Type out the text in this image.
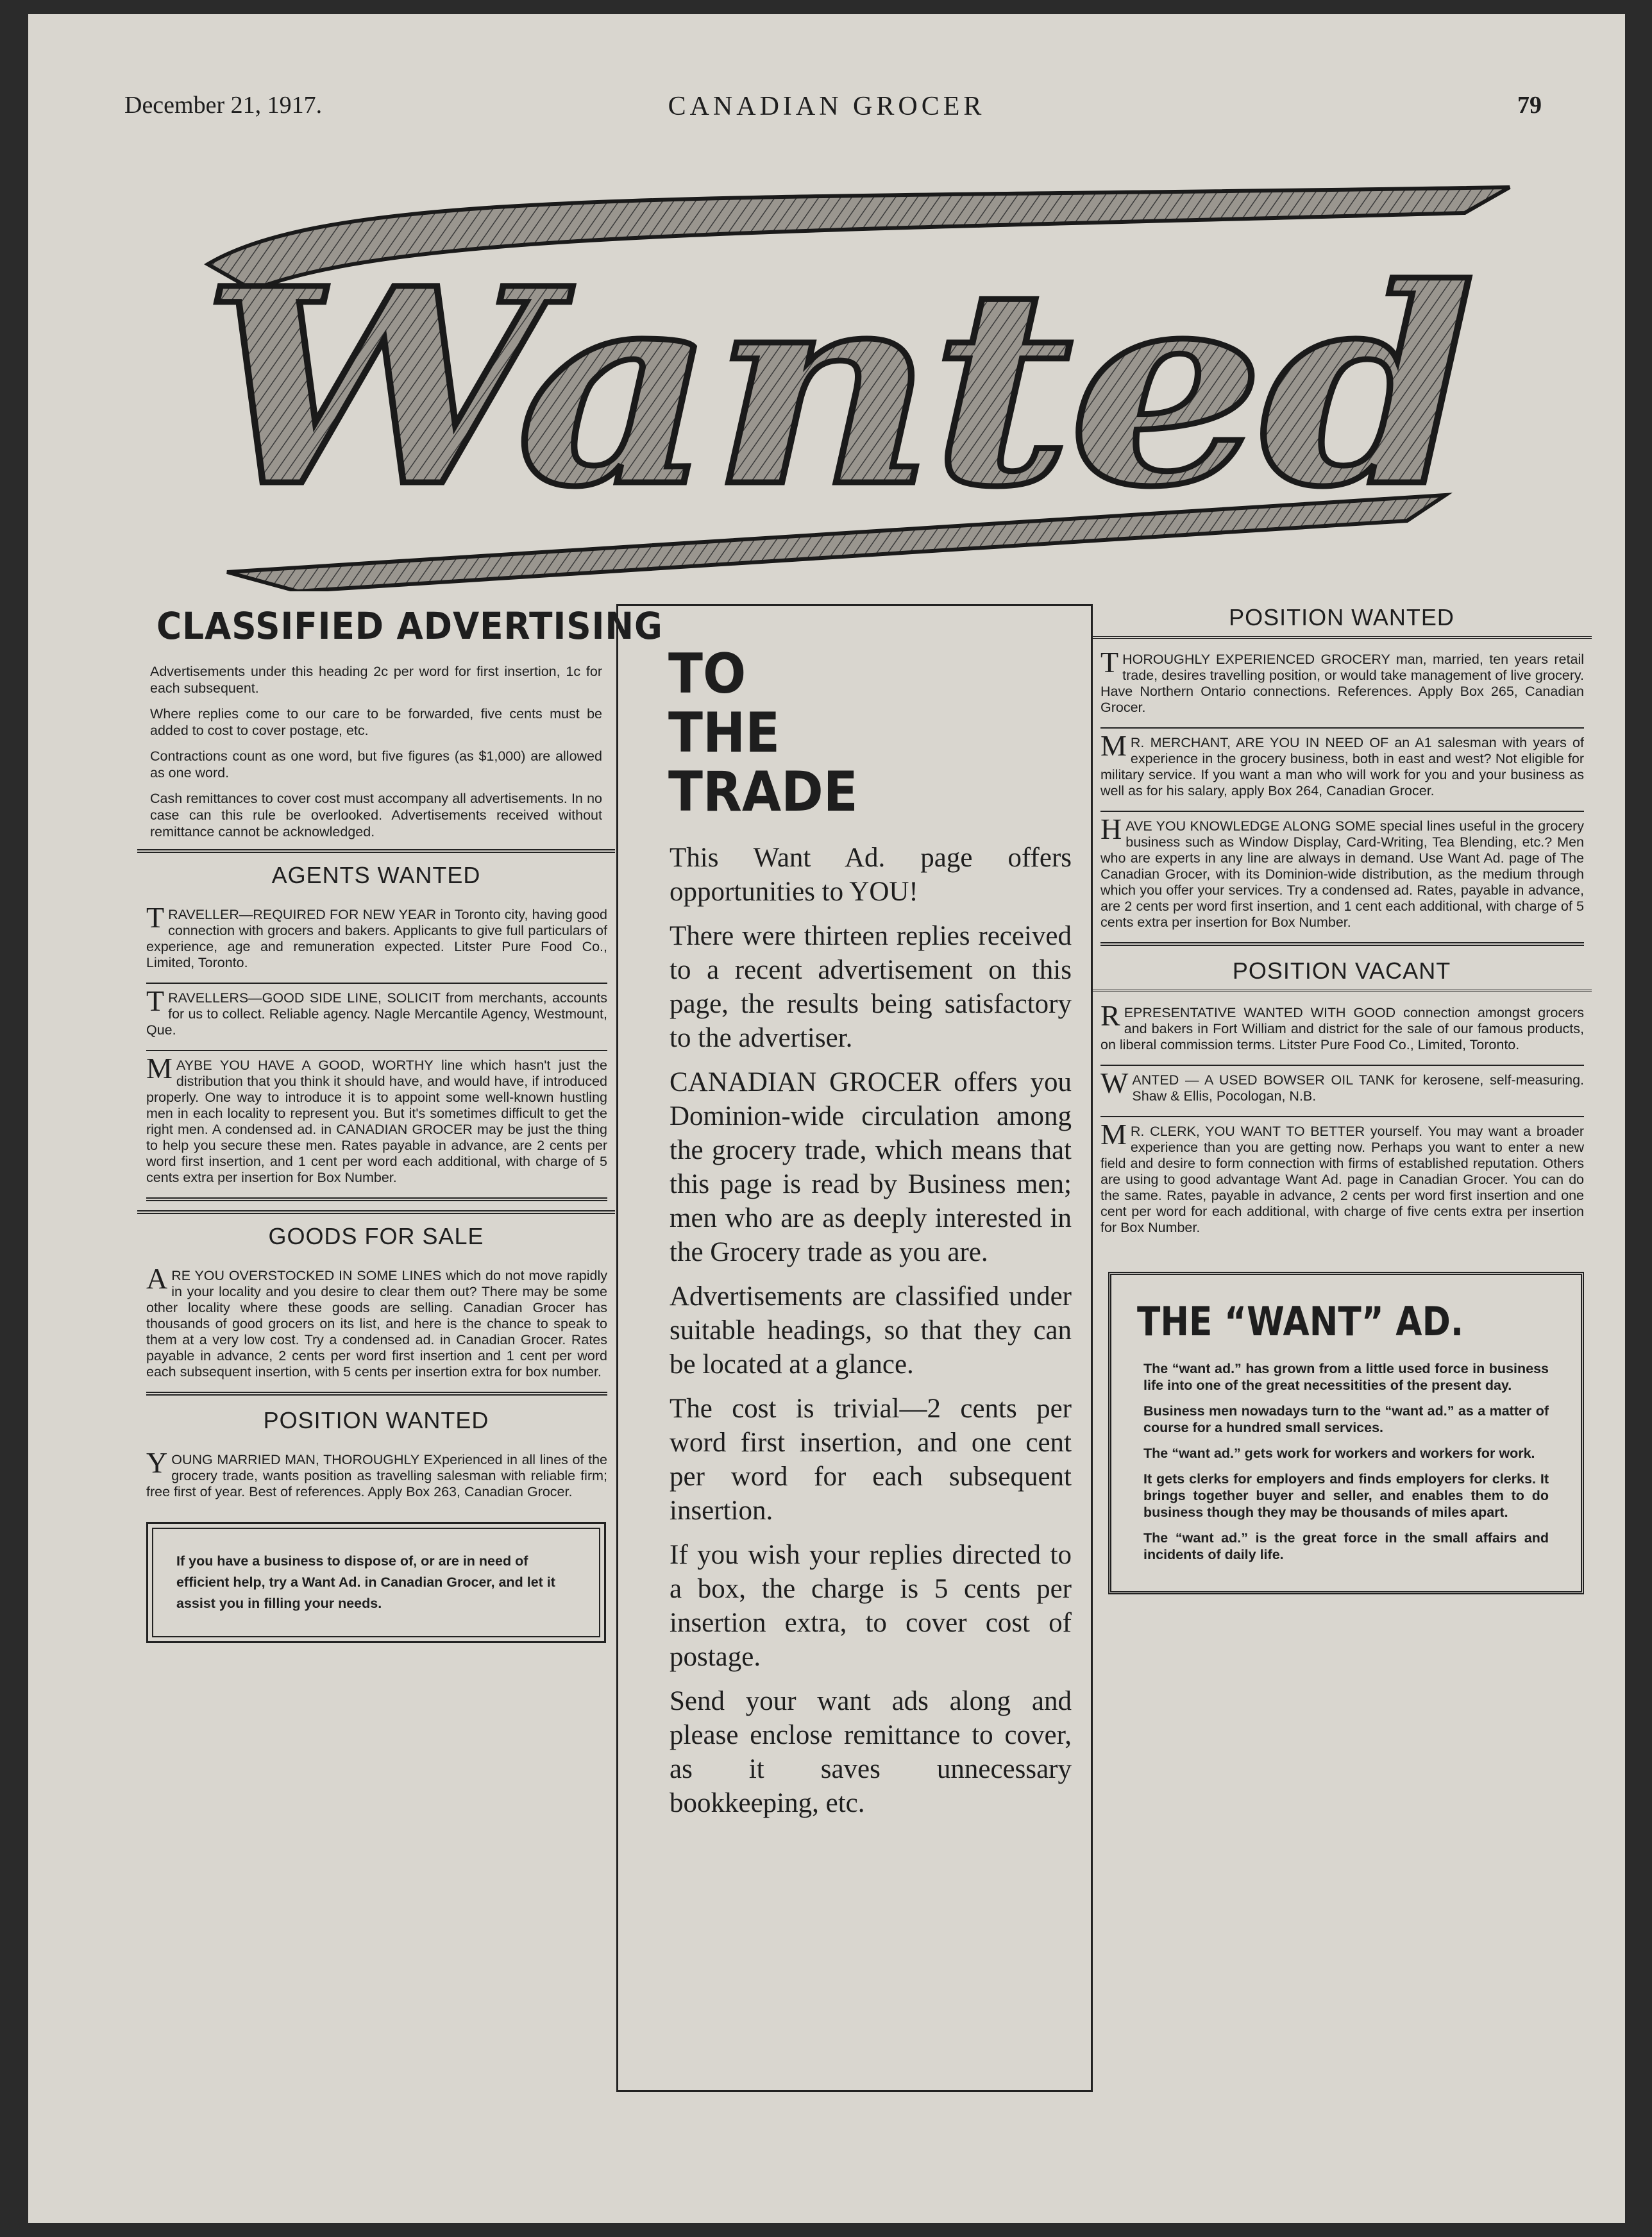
December 21, 1917.	CANADIAN GROCER	79
Wanted
CLASSIFIED ADVERTISING

Advertisements under this heading 2c per word for first insertion, 1c for each subsequent.

Where replies come to our care to be forwarded, five cents must be added to cost to cover postage, etc.

Contractions count as one word, but five figures (as $1,000) are allowed as one word.

Cash remittances to cover cost must accompany all advertisements. In no case can this rule be overlooked. Advertisements received without remittance cannot be acknowledged.

AGENTS WANTED
TRAVELLER—REQUIRED FOR NEW YEAR in Toronto city, having good connection with grocers and bakers. Applicants to give full particulars of experience, age and remuneration expected. Litster Pure Food Co., Limited, Toronto.
TRAVELLERS—GOOD SIDE LINE, SOLICIT from merchants, accounts for us to collect. Reliable agency. Nagle Mercantile Agency, Westmount, Que.
MAYBE YOU HAVE A GOOD, WORTHY line which hasn't just the distribution that you think it should have, and would have, if introduced properly. One way to introduce it is to appoint some well-known hustling men in each locality to represent you. But it's sometimes difficult to get the right men. A condensed ad. in CANADIAN GROCER may be just the thing to help you secure these men. Rates payable in advance, are 2 cents per word first insertion, and 1 cent per word each additional, with charge of 5 cents extra per insertion for Box Number.
GOODS FOR SALE
ARE YOU OVERSTOCKED IN SOME LINES which do not move rapidly in your locality and you desire to clear them out? There may be some other locality where these goods are selling. Canadian Grocer has thousands of good grocers on its list, and here is the chance to speak to them at a very low cost. Try a condensed ad. in Canadian Grocer. Rates payable in advance, 2 cents per word first insertion and 1 cent per word each subsequent insertion, with 5 cents per insertion extra for box number.
POSITION WANTED
YOUNG MARRIED MAN, THOROUGHLY EXperienced in all lines of the grocery trade, wants position as travelling salesman with reliable firm; free first of year. Best of references. Apply Box 263, Canadian Grocer.
If you have a business to dispose of, or are in need of efficient help, try a Want Ad. in Canadian Grocer, and let it assist you in filling your needs.
TO
THE
TRADE

This Want Ad. page offers opportunities to YOU!

There were thirteen replies received to a recent advertisement on this page, the results being satisfactory to the advertiser.

CANADIAN GROCER offers you Dominion-wide circulation among the grocery trade, which means that this page is read by Business men; men who are as deeply interested in the Grocery trade as you are.

Advertisements are classified under suitable headings, so that they can be located at a glance.

The cost is trivial—2 cents per word first insertion, and one cent per word for each subsequent insertion.

If you wish your replies directed to a box, the charge is 5 cents per insertion extra, to cover cost of postage.

Send your want ads along and please enclose remittance to cover, as it saves unnecessary bookkeeping, etc.

POSITION WANTED
THOROUGHLY EXPERIENCED GROCERY man, married, ten years retail trade, desires travelling position, or would take management of live grocery. Have Northern Ontario connections. References. Apply Box 265, Canadian Grocer.
M R. MERCHANT, ARE YOU IN NEED OF an A1 salesman with years of experience in the grocery business, both in east and west? Not eligible for military service. If you want a man who will work for you and your business as well as for his salary, apply Box 264, Canadian Grocer.
HAVE YOU KNOWLEDGE ALONG SOME special lines useful in the grocery business such as Window Display, Card-Writing, Tea Blending, etc.? Men who are experts in any line are always in demand. Use Want Ad. page of The Canadian Grocer, with its Dominion-wide distribution, as the medium through which you offer your services. Try a condensed ad. Rates, payable in advance, are 2 cents per word first insertion, and 1 cent each additional, with charge of 5 cents extra per insertion for Box Number.
POSITION VACANT
REPRESENTATIVE WANTED WITH GOOD connection amongst grocers and bakers in Fort William and district for the sale of our famous products, on liberal commission terms. Litster Pure Food Co., Limited, Toronto.
WANTED — A USED BOWSER OIL TANK for kerosene, self-measuring. Shaw & Ellis, Pocologan, N.B.
M R. CLERK, YOU WANT TO BETTER yourself. You may want a broader experience than you are getting now. Perhaps you want to enter a new field and desire to form connection with firms of established reputation. Others are using to good advantage Want Ad. page in Canadian Grocer. You can do the same. Rates, payable in advance, 2 cents per word first insertion and one cent per word for each additional, with charge of five cents extra per insertion for Box Number.
THE “WANT” AD.

The “want ad.” has grown from a little used force in business life into one of the great necessitities of the present day.

Business men nowadays turn to the “want ad.” as a matter of course for a hundred small services.

The “want ad.” gets work for workers and workers for work.

It gets clerks for employers and finds employers for clerks. It brings together buyer and seller, and enables them to do business though they may be thousands of miles apart.

The “want ad.” is the great force in the small affairs and incidents of daily life.
